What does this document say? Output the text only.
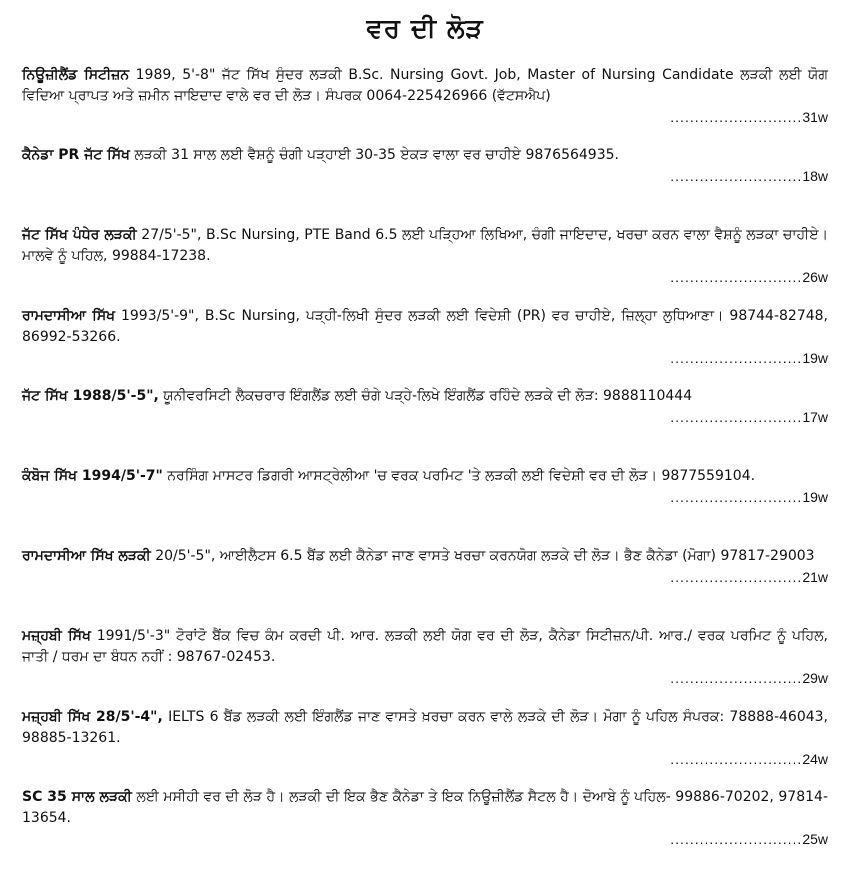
ਵਰ ਦੀ ਲੋੜ

ਨਿਊਜ਼ੀਲੈਂਡ ਸਿਟੀਜ਼ਨ 1989, 5'-8" ਜੱਟ ਸਿੱਖ ਸੁੰਦਰ ਲੜਕੀ B.Sc. Nursing Govt. Job, Master of Nursing Candidate ਲੜਕੀ ਲਈ ਯੋਗ ਵਿਦਿਆ ਪ੍ਰਾਪਤ ਅਤੇ ਜ਼ਮੀਨ ਜਾਇਦਾਦ ਵਾਲੇ ਵਰ ਦੀ ਲੋੜ। ਸੰਪਰਕ 0064-225426966 (ਵੱਟਸਐਪ)

...........................31w

ਕੈਨੇਡਾ PR ਜੱਟ ਸਿੱਖ ਲੜਕੀ 31 ਸਾਲ ਲਈ ਵੈਸ਼ਨੂੰ ਚੰਗੀ ਪੜ੍ਹਾਈ 30-35 ਏਕੜ ਵਾਲਾ ਵਰ ਚਾਹੀਏ 9876564935.

...........................18w

ਜੱਟ ਸਿੱਖ ਪੰਧੇਰ ਲੜਕੀ 27/5'-5", B.Sc Nursing, PTE Band 6.5 ਲਈ ਪੜ੍ਹਿਆ ਲਿਖਿਆ, ਚੰਗੀ ਜਾਇਦਾਦ, ਖਰਚਾ ਕਰਨ ਵਾਲਾ ਵੈਸ਼ਨੂੰ ਲੜਕਾ ਚਾਹੀਏ। ਮਾਲਵੇ ਨੂੰ ਪਹਿਲ, 99884-17238.

...........................26w

ਰਾਮਦਾਸੀਆ ਸਿੱਖ 1993/5'-9", B.Sc Nursing, ਪੜ੍ਹੀ-ਲਿਖੀ ਸੁੰਦਰ ਲੜਕੀ ਲਈ ਵਿਦੇਸ਼ੀ (PR) ਵਰ ਚਾਹੀਏ, ਜ਼ਿਲ੍ਹਾ ਲੁਧਿਆਣਾ। 98744-82748, 86992-53266.

...........................19w

ਜੱਟ ਸਿੱਖ 1988/5'-5", ਯੂਨੀਵਰਸਿਟੀ ਲੈਕਚਰਾਰ ਇੰਗਲੈਂਡ ਲਈ ਚੰਗੇ ਪੜ੍ਹੇ-ਲਿਖੇ ਇੰਗਲੈਂਡ ਰਹਿੰਦੇ ਲੜਕੇ ਦੀ ਲੋੜ: 9888110444

...........................17w

ਕੰਬੋਜ ਸਿੱਖ 1994/5'-7" ਨਰਸਿੰਗ ਮਾਸਟਰ ਡਿਗਰੀ ਆਸਟ੍ਰੇਲੀਆ 'ਚ ਵਰਕ ਪਰਮਿਟ 'ਤੇ ਲੜਕੀ ਲਈ ਵਿਦੇਸ਼ੀ ਵਰ ਦੀ ਲੋੜ। 9877559104.

...........................19w

ਰਾਮਦਾਸੀਆ ਸਿੱਖ ਲੜਕੀ 20/5'-5", ਆਈਲੈਟਸ 6.5 ਬੈਂਡ ਲਈ ਕੈਨੇਡਾ ਜਾਣ ਵਾਸਤੇ ਖਰਚਾ ਕਰਨਯੋਗ ਲੜਕੇ ਦੀ ਲੋੜ। ਭੈਣ ਕੈਨੇਡਾ (ਮੋਗਾ) 97817-29003

...........................21w

ਮਜ਼੍ਹਬੀ ਸਿੱਖ 1991/5'-3" ਟੋਰਾਂਟੋ ਬੈਂਕ ਵਿਚ ਕੰਮ ਕਰਦੀ ਪੀ. ਆਰ. ਲੜਕੀ ਲਈ ਯੋਗ ਵਰ ਦੀ ਲੋੜ, ਕੈਨੇਡਾ ਸਿਟੀਜ਼ਨ/ਪੀ. ਆਰ./ ਵਰਕ ਪਰਮਿਟ ਨੂੰ ਪਹਿਲ, ਜਾਤੀ / ਧਰਮ ਦਾ ਬੰਧਨ ਨਹੀਂ : 98767-02453.

...........................29w

ਮਜ਼੍ਹਬੀ ਸਿੱਖ 28/5'-4", IELTS 6 ਬੈਂਡ ਲੜਕੀ ਲਈ ਇੰਗਲੈਂਡ ਜਾਣ ਵਾਸਤੇ ਖ਼ਰਚਾ ਕਰਨ ਵਾਲੇ ਲੜਕੇ ਦੀ ਲੋੜ। ਮੋਗਾ ਨੂੰ ਪਹਿਲ ਸੰਪਰਕ: 78888-46043, 98885-13261.

...........................24w

SC 35 ਸਾਲ ਲੜਕੀ ਲਈ ਮਸੀਹੀ ਵਰ ਦੀ ਲੋੜ ਹੈ। ਲੜਕੀ ਦੀ ਇਕ ਭੈਣ ਕੈਨੇਡਾ ਤੇ ਇਕ ਨਿਊਜ਼ੀਲੈਂਡ ਸੈਟਲ ਹੈ। ਦੋਆਬੇ ਨੂੰ ਪਹਿਲ- 99886-70202, 97814-13654.

...........................25w
